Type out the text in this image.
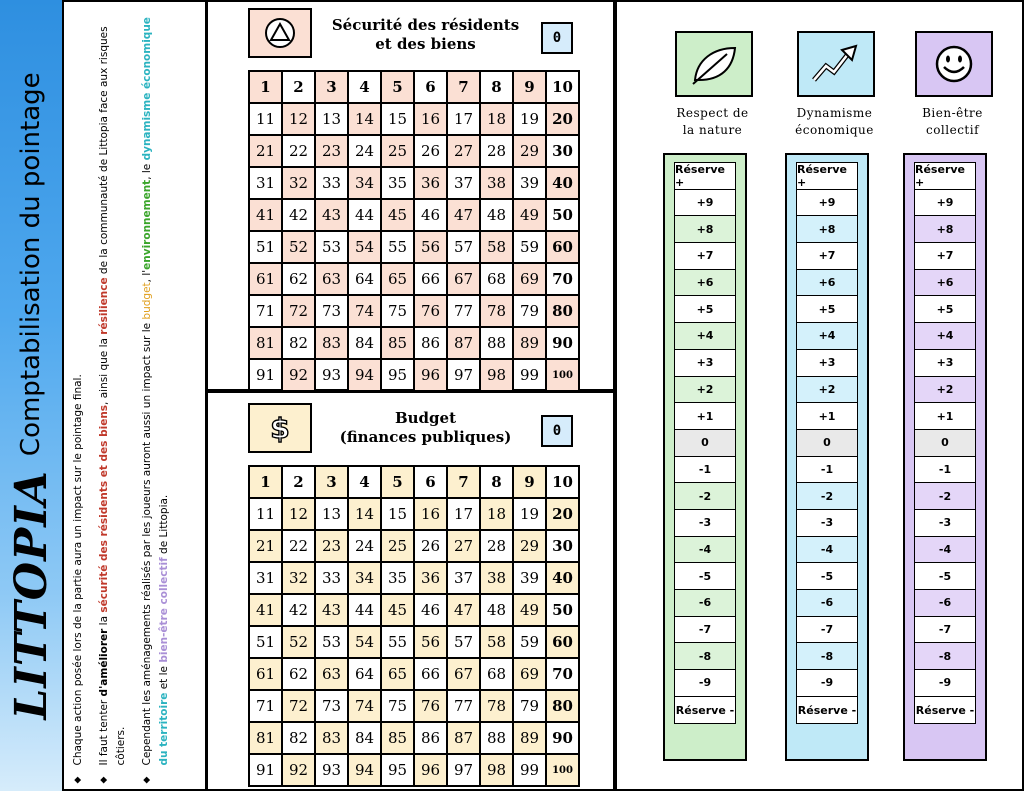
LITTOPIA
Comptabilisation du pointage
◆ Chaque action posée lors de la partie aura un impact sur le pointage final. ◆ Il faut tenter d'améliorer la sécurité des résidents et des biens, ainsi que la résilience de la communauté de Littopia face aux risques côtiers. ◆ Cependant les aménagements réalisés par les joueurs auront aussi un impact sur le budget, l'environnement, le dynamisme économique du territoire et le bien-être collectif de Littopia.
Sécurité des résidents
et des biens	0
1	2	3	4	5	6	7	8	9	10
11 12 13 14 15 16 17 18 19 20
21 22 23 24 25 26 27 28 29 30
31 32 33 34 35 36 37 38 39 40
41 42 43 44 45 46 47 48 49 50
51 52 53 54 55 56 57 58 59 60
61 62 63 64 65 66 67 68 69 70
71 72 73 74 75 76 77 78 79 80
81 82 83 84 85 86 87 88 89 90
91 92 93 94 95 96 97 98 99	100
$	Budget
(finances publiques)	0
1	2	3	4	5	6	7	8	9	10
11 12 13 14 15 16 17 18 19 20
21 22 23 24 25 26 27 28 29 30
31 32 33 34 35 36 37 38 39 40
41 42 43 44 45 46 47 48 49 50
51 52 53 54 55 56 57 58 59 60
61 62 63 64 65 66 67 68 69 70
71 72 73 74 75 76 77 78 79 80
81 82 83 84 85 86 87 88 89 90
91 92 93 94 95 96 97 98 99	100
Respect de
la nature
Réserve +
+9
+8
+7
+6
+5
+4
+3
+2
+1
0
-1
-2
-3
-4
-5
-6
-7
-8
-9
Réserve -
Dynamisme
économique
Réserve +
+9
+8
+7
+6
+5
+4
+3
+2
+1
0
-1
-2
-3
-4
-5
-6
-7
-8
-9
Réserve -
Bien-être
collectif
Réserve +
+9
+8
+7
+6
+5
+4
+3
+2
+1
0
-1
-2
-3
-4
-5
-6
-7
-8
-9
Réserve -
